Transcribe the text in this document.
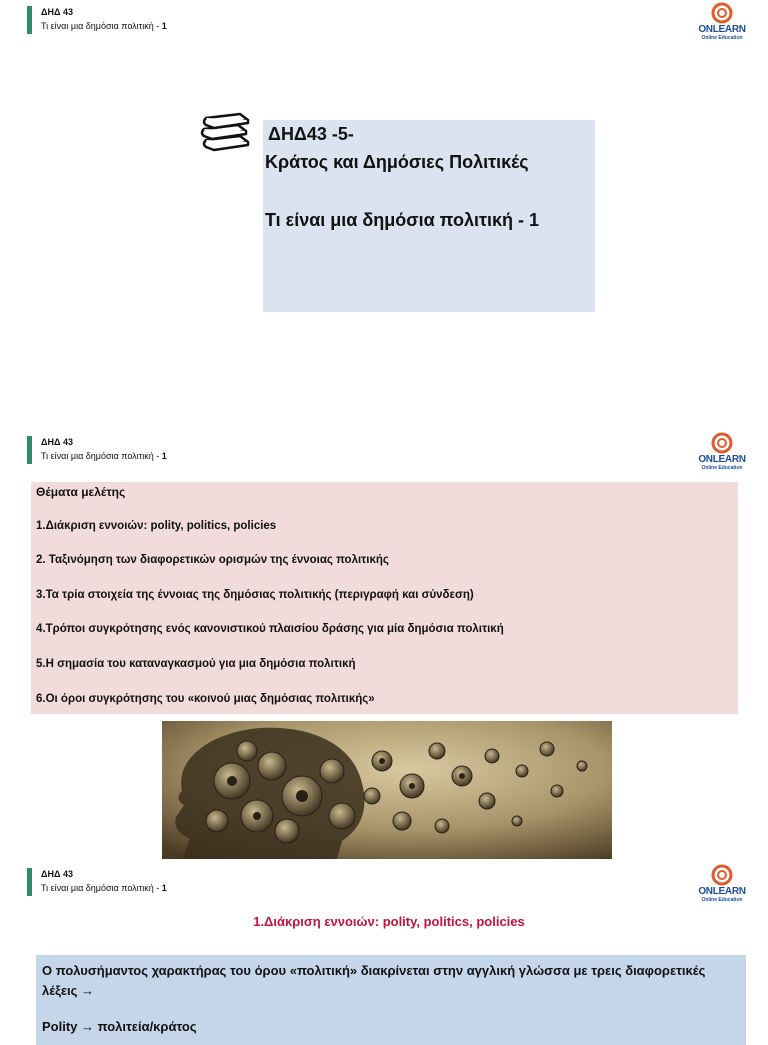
ΔΗΔ 43
Τι είναι μια δημόσια πολιτική - 1	ONLEARN
Online Education
ΔΗΔ43 -5-
Κράτος και Δημόσιες Πολιτικές
Τι είναι μια δημόσια πολιτική - 1
ΔΗΔ 43
Τι είναι μια δημόσια πολιτική - 1	ONLEARN
Online Education
Θέματα μελέτης
1.Διάκριση εννοιών: polity, politics, policies
2. Ταξινόμηση των διαφορετικών ορισμών της έννοιας πολιτικής
3.Τα τρία στοιχεία της έννοιας της δημόσιας πολιτικής (περιγραφή και σύνδεση)
4.Τρόποι συγκρότησης ενός κανονιστικού πλαισίου δράσης για μία δημόσια πολιτική
5.Η σημασία του καταναγκασμού για μια δημόσια πολιτική
6.Οι όροι συγκρότησης του «κοινού μιας δημόσιας πολιτικής»
ΔΗΔ 43
Τι είναι μια δημόσια πολιτική - 1	ONLEARN
Online Education
1.Διάκριση εννοιών: polity, politics, policies
Ο πολυσήμαντος χαρακτήρας του όρου «πολιτική» διακρίνεται στην αγγλική γλώσσα με τρεις διαφορετικές λέξεις →
Polity → πολιτεία/κράτος
